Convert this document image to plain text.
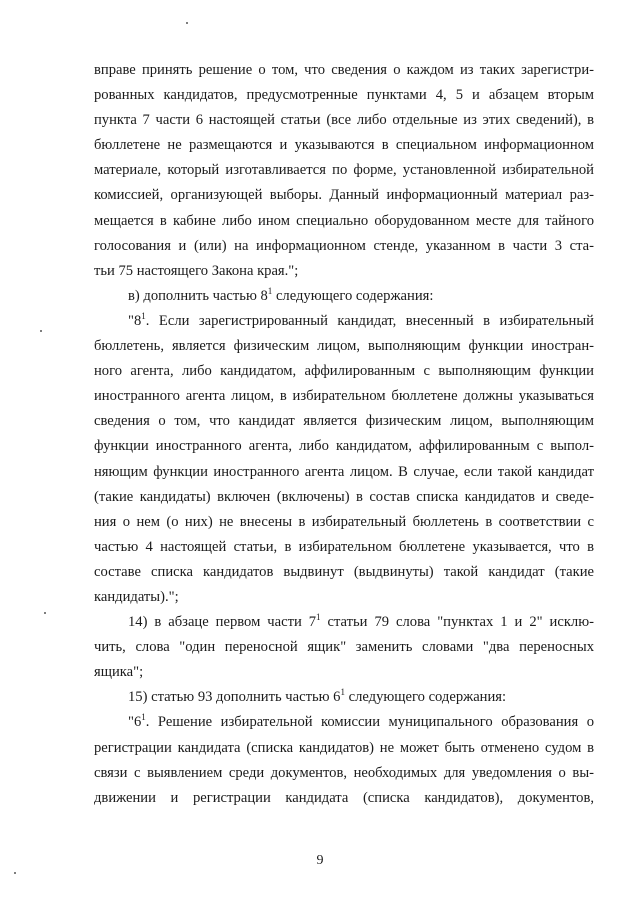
вправе принять решение о том, что сведения о каждом из таких зарегистри-
рованных кандидатов, предусмотренные пунктами 4, 5 и абзацем вторым
пункта 7 части 6 настоящей статьи (все либо отдельные из этих сведений), в
бюллетене не размещаются и указываются в специальном информационном
материале, который изготавливается по форме, установленной избирательной
комиссией, организующей выборы. Данный информационный материал раз-
мещается в кабине либо ином специально оборудованном месте для тайного
голосования и (или) на информационном стенде, указанном в части 3 ста-
тьи 75 настоящего Закона края.";
в) дополнить частью $8^1$ следующего содержания:
"$8^1$. Если зарегистрированный кандидат, внесенный в избирательный
бюллетень, является физическим лицом, выполняющим функции иностран-
ного агента, либо кандидатом, аффилированным с выполняющим функции
иностранного агента лицом, в избирательном бюллетене должны указываться
сведения о том, что кандидат является физическим лицом, выполняющим
функции иностранного агента, либо кандидатом, аффилированным с выпол-
няющим функции иностранного агента лицом. В случае, если такой кандидат
(такие кандидаты) включен (включены) в состав списка кандидатов и сведе-
ния о нем (о них) не внесены в избирательный бюллетень в соответствии с
частью 4 настоящей статьи, в избирательном бюллетене указывается, что в
составе списка кандидатов выдвинут (выдвинуты) такой кандидат (такие
кандидаты).";
14) в абзаце первом части $7^1$ статьи 79 слова "пунктах 1 и 2" исклю-
чить, слова "один переносной ящик" заменить словами "два переносных
ящика";
15) статью 93 дополнить частью $6^1$ следующего содержания:
"$6^1$. Решение избирательной комиссии муниципального образования о
регистрации кандидата (списка кандидатов) не может быть отменено судом в
связи с выявлением среди документов, необходимых для уведомления о вы-
движении и регистрации кандидата (списка кандидатов), документов,
9
